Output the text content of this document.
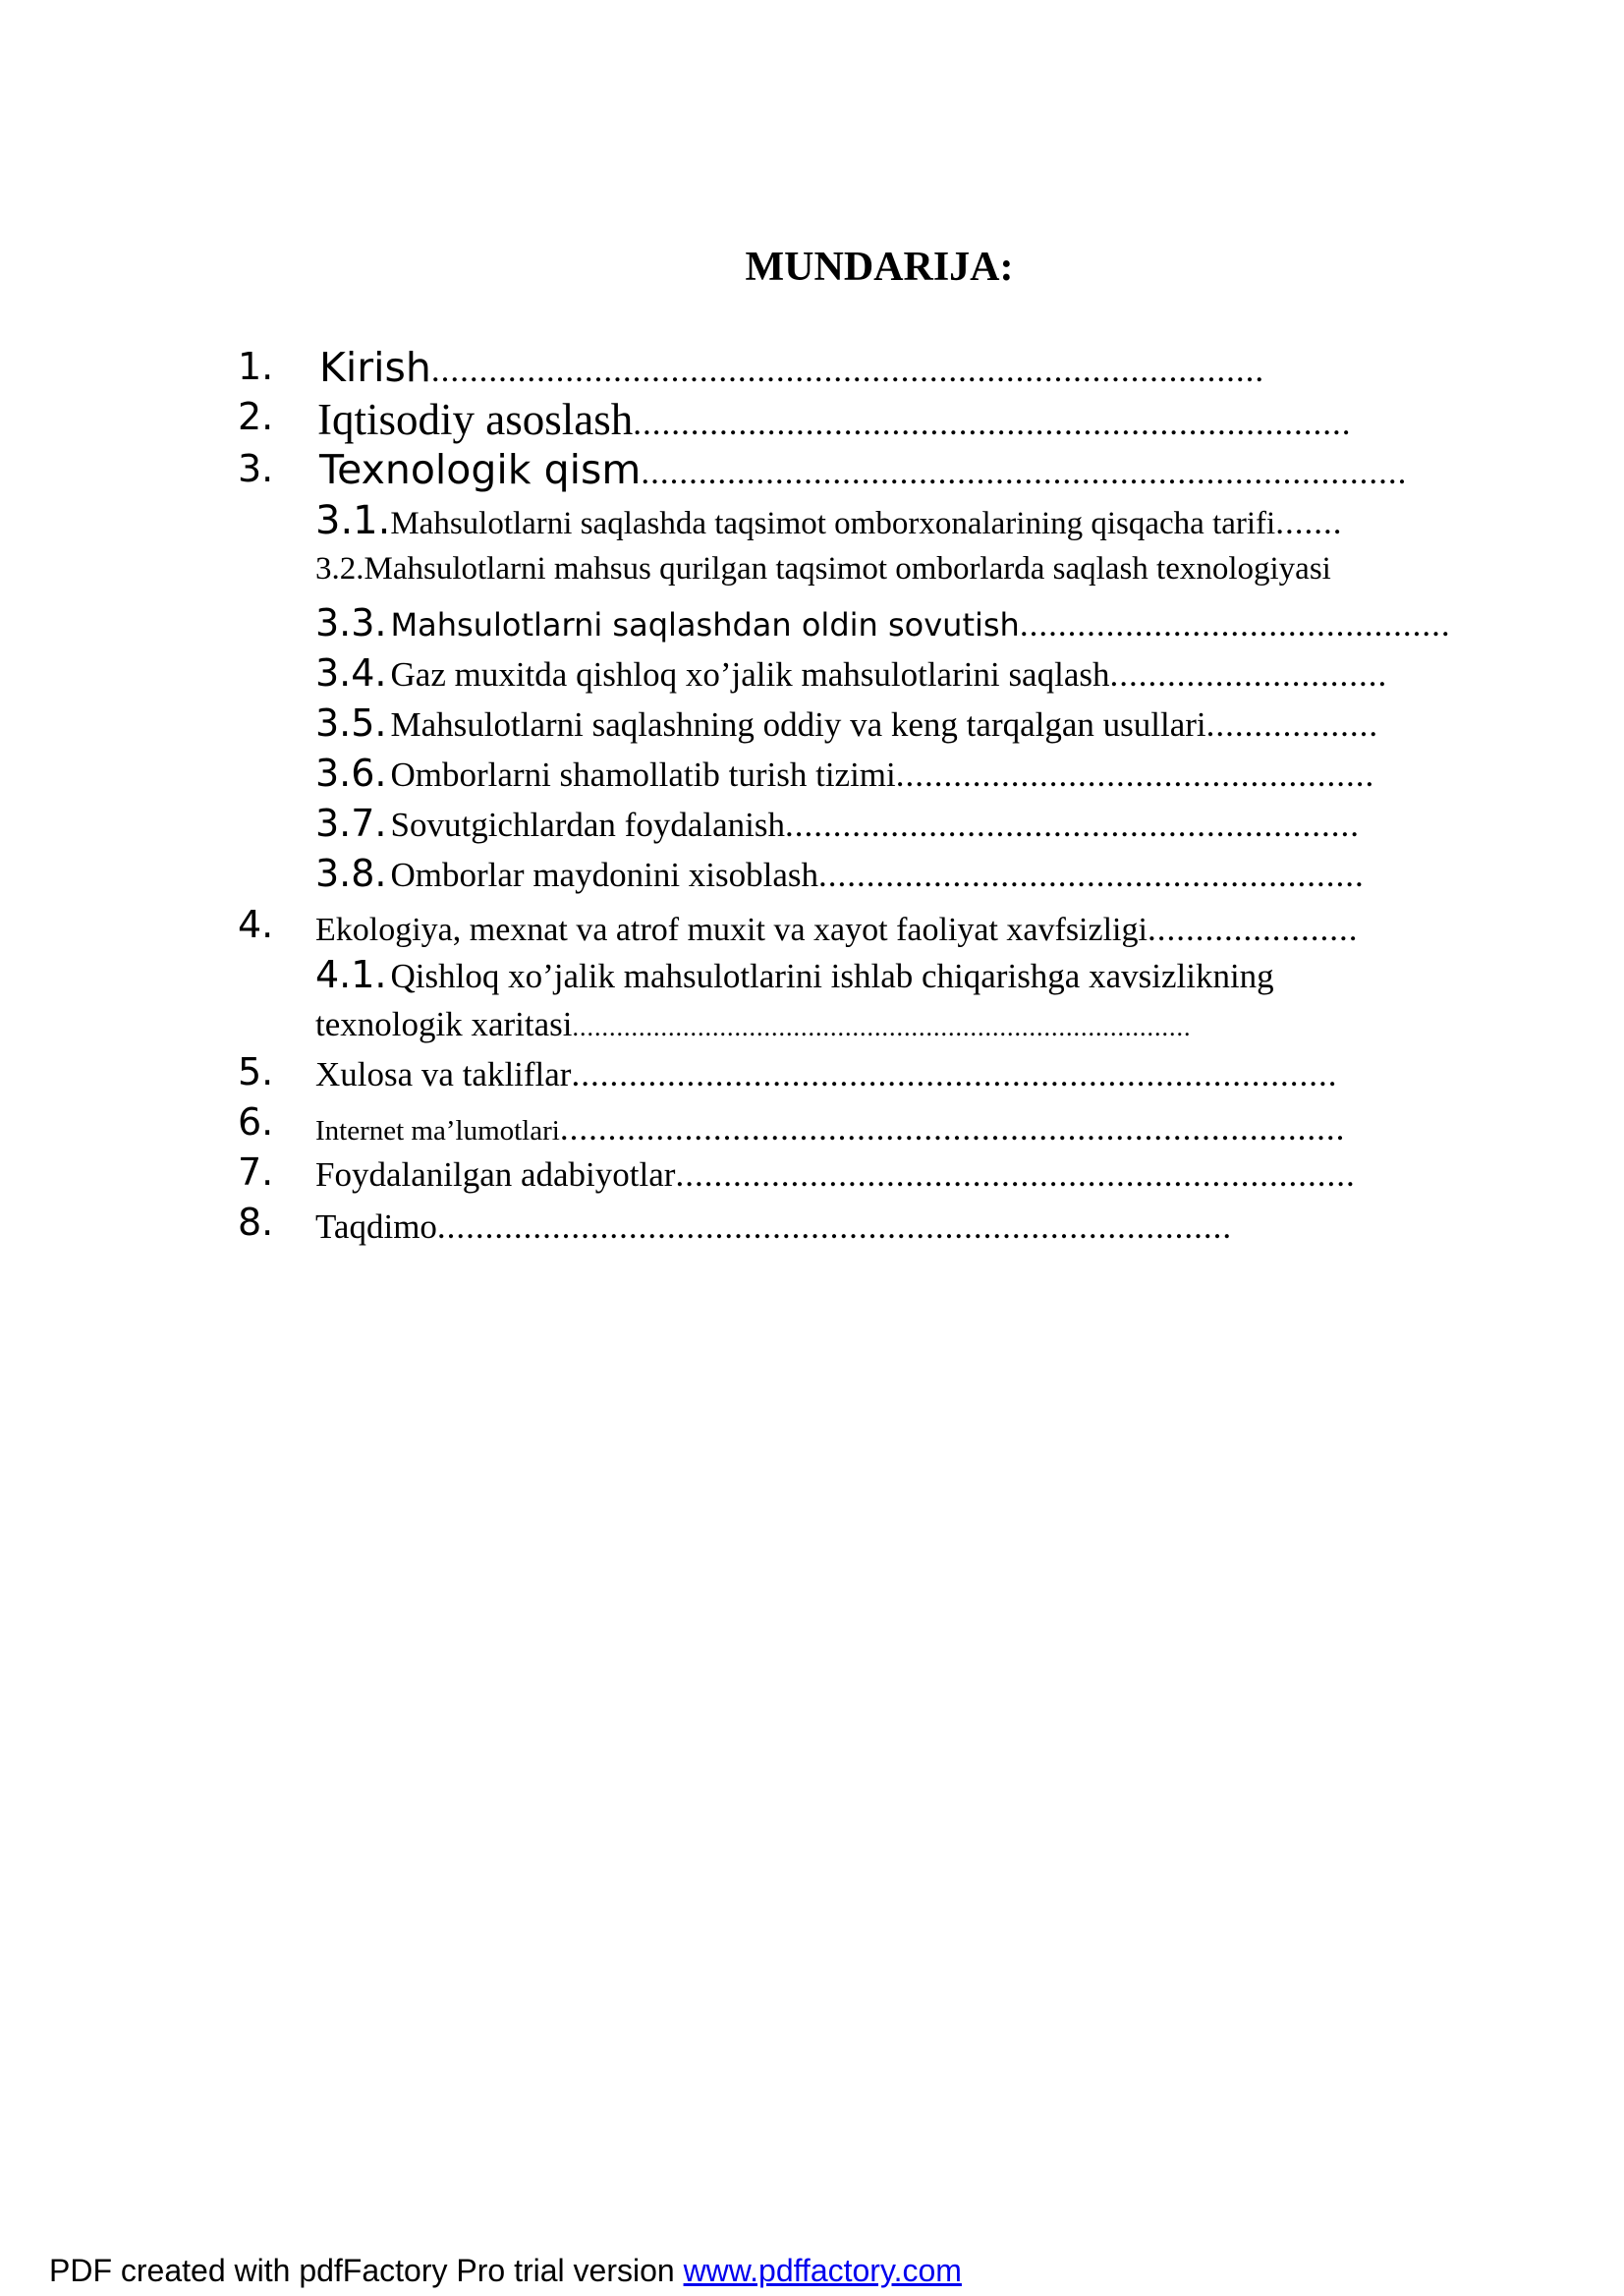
MUNDARIJA:
1. Kirish.......................................................................................
2. Iqtisodiy asoslash...........................................................................
3. Texnologik qism................................................................................
3.1.Mahsulotlarni saqlashda taqsimot omborxonalarining qisqacha tarifi.......
3.2.Mahsulotlarni mahsus qurilgan taqsimot omborlarda saqlash texnologiyasi
3.3. Mahsulotlarni saqlashdan oldin sovutish.............................................
3.4. Gaz muxitda qishloq xo’jalik mahsulotlarini saqlash.............................
3.5. Mahsulotlarni saqlashning oddiy va keng tarqalgan usullari..................
3.6. Omborlarni shamollatib turish tizimi..................................................
3.7. Sovutgichlardan foydalanish............................................................
3.8. Omborlar maydonini xisoblash.........................................................
4. Ekologiya, mexnat va atrof muxit va xayot faoliyat xavfsizligi......................
4.1. Qishloq xo’jalik mahsulotlarini ishlab chiqarishga xavsizlikning
texnologik xaritasi....................................................................................
5. Xulosa va takliflar................................................................................
6. Internet ma’lumotlari..................................................................................
7. Foydalanilgan adabiyotlar.......................................................................
8. Taqdimo...................................................................................
PDF created with pdfFactory Pro trial version www.pdffactory.com
